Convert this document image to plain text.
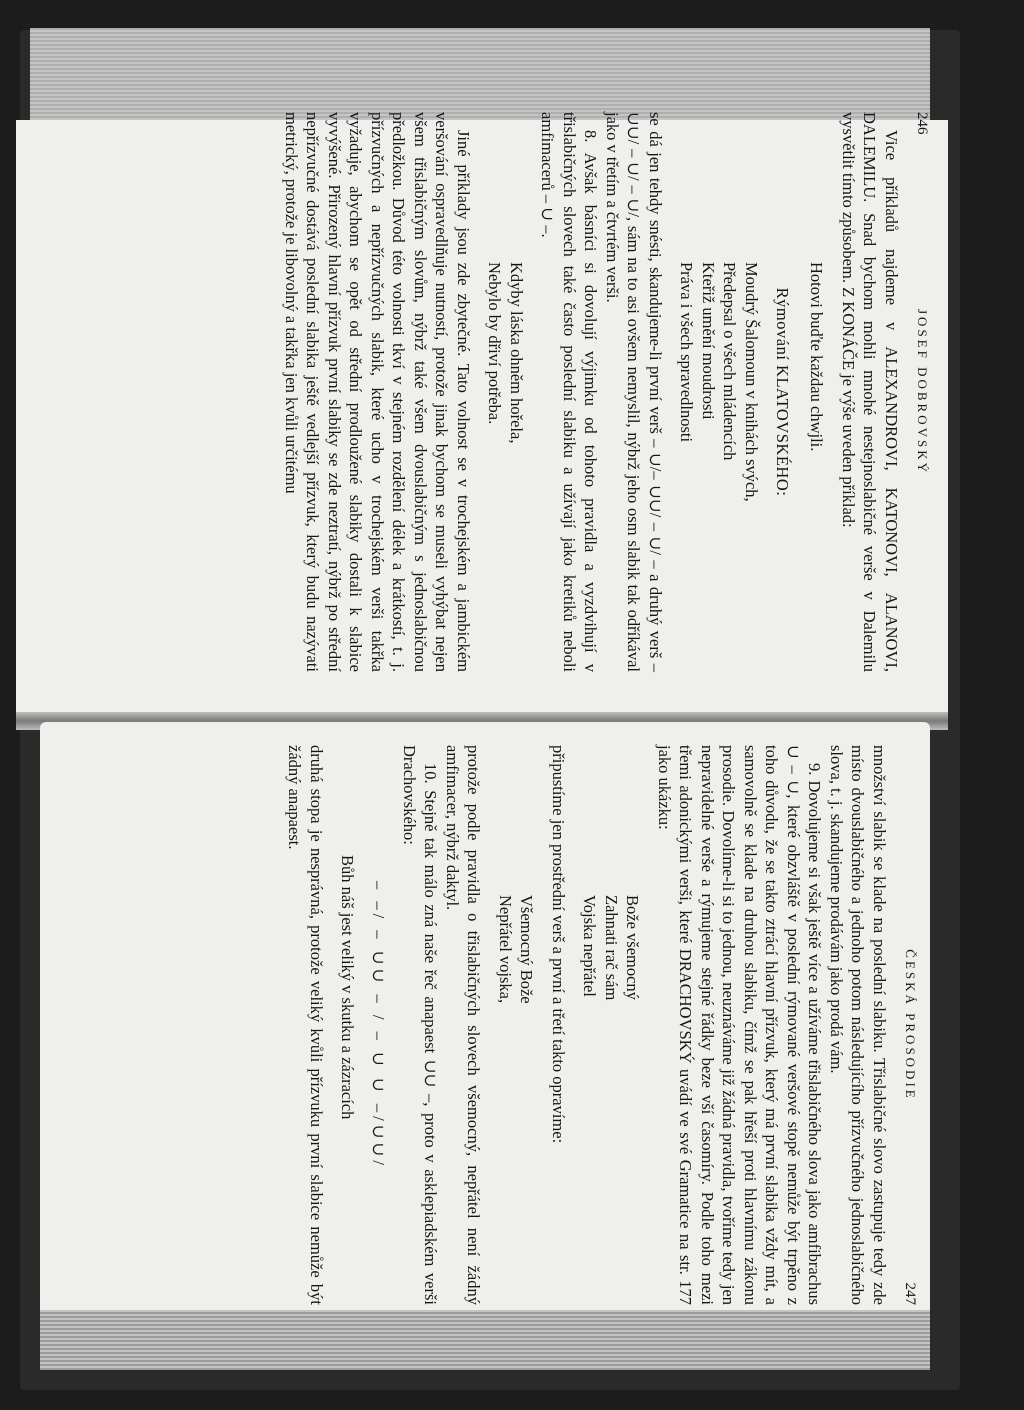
246
JOSEF DOBROVSKÝ

Vice příkladů najdeme v ALEXANDROVI, KATONOVI, ALANOVI, DALEMILU. Snad bychom mohli mnohé nestejnoslabičné verše v Dalemilu vysvětlit tímto způsobem. Z KONÁČE je výše uveden příklad:

Hotovi buďte každau chwjli.
Rýmování KLATOVSKÉHO:
Moudrý Šalomoun v knihách svých,
Předepsal o všech mládencích
Kteřiž umění moudrosti
Práva i všech spravedlnosti

se dá jen tehdy snésti, skandujeme-li první verš – ∪/– ∪∪/ – ∪/ – a druhý verš – ∪∪/ – ∪/ – ∪/, sám na to asi ovšem nemyslil, nýbrž jeho osm slabik tak odříkával jako v třetím a čtvrtém verši.

8. Avšak básníci si dovolují výjimku od tohoto pravidla a vyzdvihují v třislabičných slovech také často poslední slabiku a užívají jako kretiků neboli amfimacerů – ∪ –.

Kdyby láska ohněm hořela,
Nebylo by dřiví potřeba.

Jiné příklady jsou zde zbytečné. Tato volnost se v trochejském a jambickém veršování ospravedlňuje nutností, protože jinak bychom se museli vyhýbat nejen všem třislabičným slovům, nýbrž také všem dvouslabičným s jednoslabičnou předložkou. Důvod této volnosti tkví v stejném rozdělení délek a krátkostí, t. j. přízvučných a nepřízvučných slabik, které ucho v trochejském verši takřka vyžaduje, abychom se opět od střední prodloužené slabiky dostali k slabice vyvýšené. Přirozený hlavní přízvuk první slabiky se zde neztratí, nýbrž po střední nepřízvučné dostává poslední slabika ještě vedlejší přízvuk, který budu nazývati metrický, protože je libovolný a takřka jen kvůli určitému

ČESKÁ PROSODIE
247

množství slabik se klade na poslední slabiku. Třislabičné slovo zastupuje tedy zde místo dvouslabičného a jednoho potom následujícího přízvučného jednoslabičného slova, t. j. skandujeme prodávám jako prodá vám.

9. Dovolujeme si však ještě více a užíváme třislabičného slova jako amfibrachus ∪ – ∪, které obzvláště v poslední rýmované veršové stopě nemůže být trpěno z toho důvodu, že se takto ztrácí hlavní přízvuk, který má první slabika vždy mít, a samovolně se klade na druhou slabiku, čímž se pak hřeší proti hlavnímu zákonu prosodie. Dovolíme-li si to jednou, neuznáváme již žádná pravidla, tvoříme tedy jen nepravidelné verše a rýmujeme stejné řádky beze vší časomíry. Podle toho mezi třemi adonickými verši, které DRACHOVSKÝ uvádí ve své Gramatice na str. 177 jako ukázku:

Bože všemocný
Zahnati rač sám
Vojska nepřátel

připustíme jen prostřední verš a první a třetí takto opravíme:

Všemocný Bože
Nepřátel vojska,

protože podle pravidla o třislabičných slovech všemocný, nepřátel není žádný amfimacer, nýbrž daktyl.

10. Stejně tak málo zná naše řeč anapaest ∪∪ –, proto v asklepiadském verši Drachovského:

– –/ – ∪∪ – / – ∪ ∪ –/∪∪/
Bůh náš jest veliký v skutku a zázracích

druhá stopa je nesprávná, protože veliký kvůli přízvuku první slabice nemůže být žádný anapaest.
